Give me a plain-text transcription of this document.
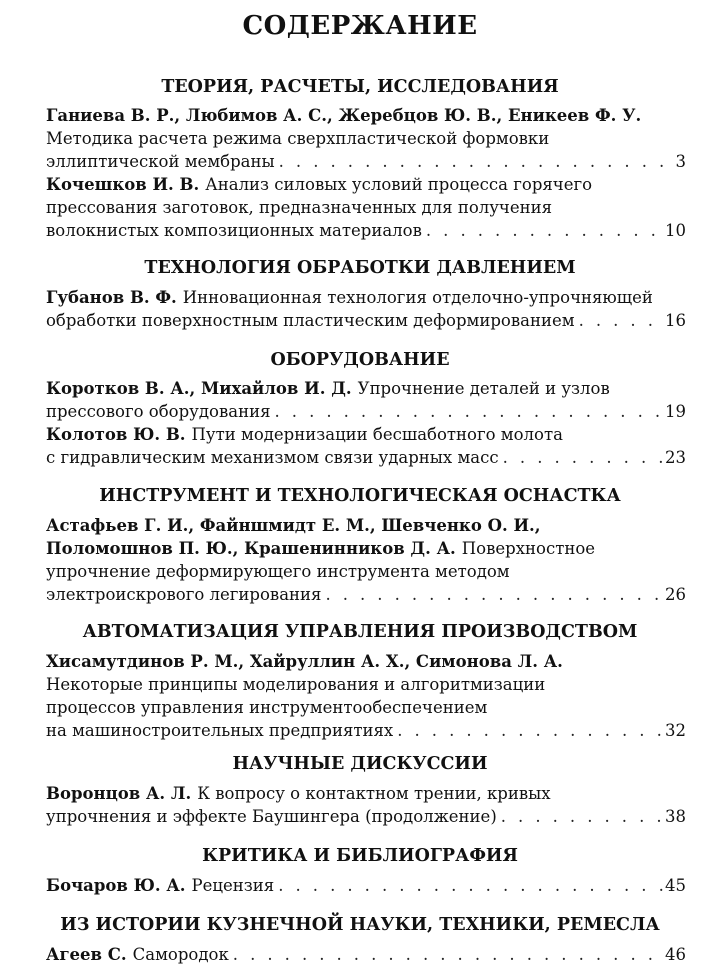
СОДЕРЖАНИЕ
ТЕОРИЯ, РАСЧЕТЫ, ИССЛЕДОВАНИЯ
Ганиева В. Р., Любимов А. С., Жеребцов Ю. В., Еникеев Ф. У.
Методика расчета режима сверхпластической формовки
эллиптической мембраны . . .	3
Кочешков И. В. Анализ силовых условий процесса горячего
прессования заготовок, предназначенных для получения
волокнистых композиционных материалов . . .	10
ТЕХНОЛОГИЯ ОБРАБОТКИ ДАВЛЕНИЕМ
Губанов В. Ф. Инновационная технология отделочно-упрочняющей
обработки поверхностным пластическим деформированием . . .	16
ОБОРУДОВАНИЕ
Коротков В. А., Михайлов И. Д. Упрочнение деталей и узлов
прессового оборудования . . .	19
Колотов Ю. В. Пути модернизации бесшаботного молота
с гидравлическим механизмом связи ударных масс . . .	23
ИНСТРУМЕНТ И ТЕХНОЛОГИЧЕСКАЯ ОСНАСТКА
Астафьев Г. И., Файншмидт Е. М., Шевченко О. И.,
Поломошнов П. Ю., Крашенинников Д. А. Поверхностное
упрочнение деформирующего инструмента методом
электроискрового легирования . . .	26
АВТОМАТИЗАЦИЯ УПРАВЛЕНИЯ ПРОИЗВОДСТВОМ
Хисамутдинов Р. М., Хайруллин А. Х., Симонова Л. А.
Некоторые принципы моделирования и алгоритмизации
процессов управления инструментообеспечением
на машиностроительных предприятиях . . .	32
НАУЧНЫЕ ДИСКУССИИ
Воронцов А. Л. К вопросу о контактном трении, кривых
упрочнения и эффекте Баушингера (продолжение) . . .	38
КРИТИКА И БИБЛИОГРАФИЯ
Бочаров Ю. А. Рецензия . . .	45
ИЗ ИСТОРИИ КУЗНЕЧНОЙ НАУКИ, ТЕХНИКИ, РЕМЕСЛА
Агеев С. Самородок . . .	46
